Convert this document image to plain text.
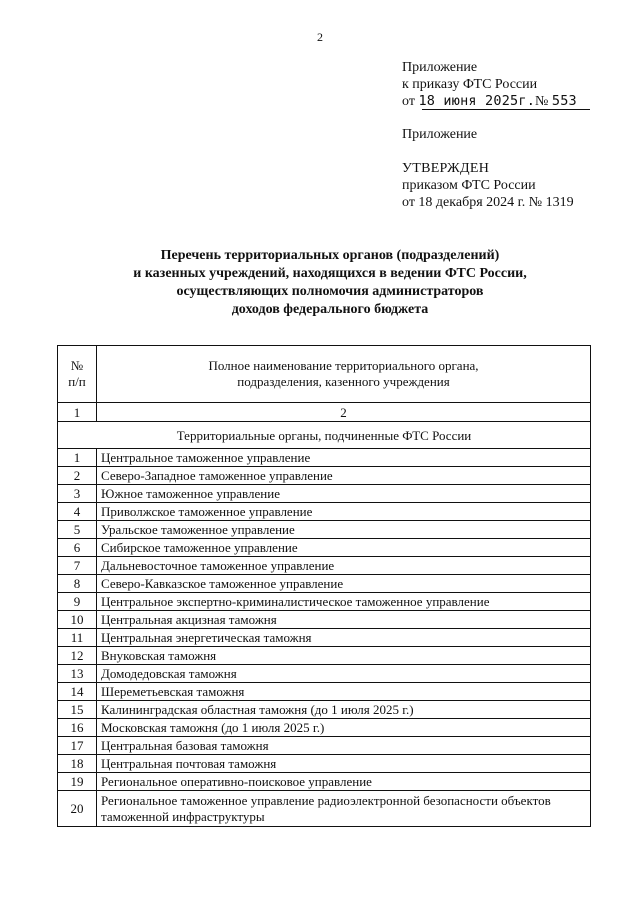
2
Приложение
к приказу ФТС России
от 18 июня 2025г.№ 553
Приложение
УТВЕРЖДЕН
приказом ФТС России
от 18 декабря 2024 г. № 1319
Перечень территориальных органов (подразделений)
и казенных учреждений, находящихся в ведении ФТС России,
осуществляющих полномочия администраторов
доходов федерального бюджета
№
п/п	Полное наименование территориального органа,
подразделения, казенного учреждения
1	2
Территориальные органы, подчиненные ФТС России	
1	Центральное таможенное управление
2	Северо-Западное таможенное управление
3	Южное таможенное управление
4	Приволжское таможенное управление
5	Уральское таможенное управление
6	Сибирское таможенное управление
7	Дальневосточное таможенное управление
8	Северо-Кавказское таможенное управление
9	Центральное экспертно-криминалистическое таможенное управление
10	Центральная акцизная таможня
11	Центральная энергетическая таможня
12	Внуковская таможня
13	Домодедовская таможня
14	Шереметьевская таможня
15	Калининградская областная таможня (до 1 июля 2025 г.)
16	Московская таможня (до 1 июля 2025 г.)
17	Центральная базовая таможня
18	Центральная почтовая таможня
19	Региональное оперативно-поисковое управление
20	Региональное таможенное управление радиоэлектронной безопасности объектов таможенной инфраструктуры
